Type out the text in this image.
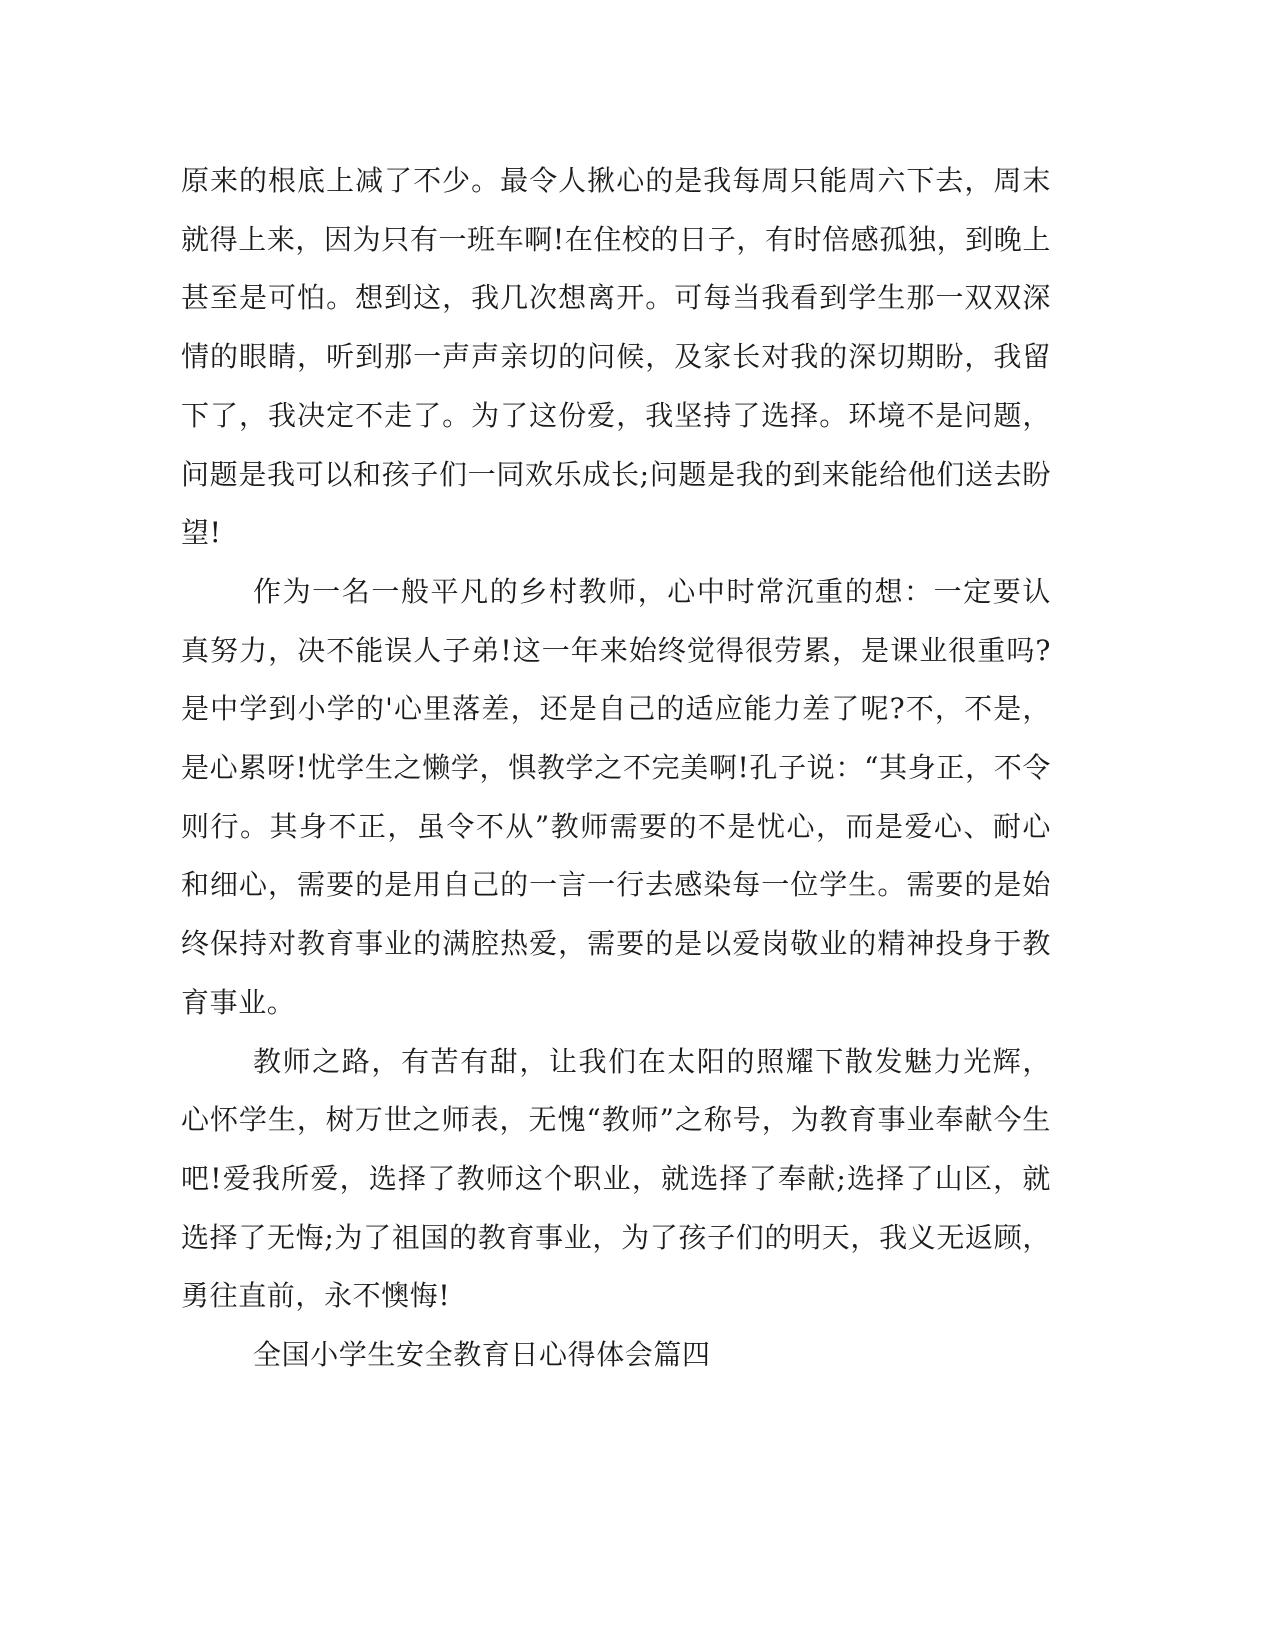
原来的根底上减了不少。最令人揪心的是我每周只能周六下去，周末就得上来，因为只有一班车啊!在住校的日子，有时倍感孤独，到晚上甚至是可怕。想到这，我几次想离开。可每当我看到学生那一双双深情的眼睛，听到那一声声亲切的问候，及家长对我的深切期盼，我留下了，我决定不走了。为了这份爱，我坚持了选择。环境不是问题，问题是我可以和孩子们一同欢乐成长;问题是我的到来能给他们送去盼望!

作为一名一般平凡的乡村教师，心中时常沉重的想：一定要认真努力，决不能误人子弟!这一年来始终觉得很劳累，是课业很重吗?是中学到小学的'心里落差，还是自己的适应能力差了呢?不，不是，是心累呀!忧学生之懒学，惧教学之不完美啊!孔子说：“其身正，不令则行。其身不正，虽令不从”教师需要的不是忧心，而是爱心、耐心和细心，需要的是用自己的一言一行去感染每一位学生。需要的是始终保持对教育事业的满腔热爱，需要的是以爱岗敬业的精神投身于教育事业。

教师之路，有苦有甜，让我们在太阳的照耀下散发魅力光辉，心怀学生，树万世之师表，无愧“教师”之称号，为教育事业奉献今生吧!爱我所爱，选择了教师这个职业，就选择了奉献;选择了山区，就选择了无悔;为了祖国的教育事业，为了孩子们的明天，我义无返顾，勇往直前，永不懊悔!

全国小学生安全教育日心得体会篇四
